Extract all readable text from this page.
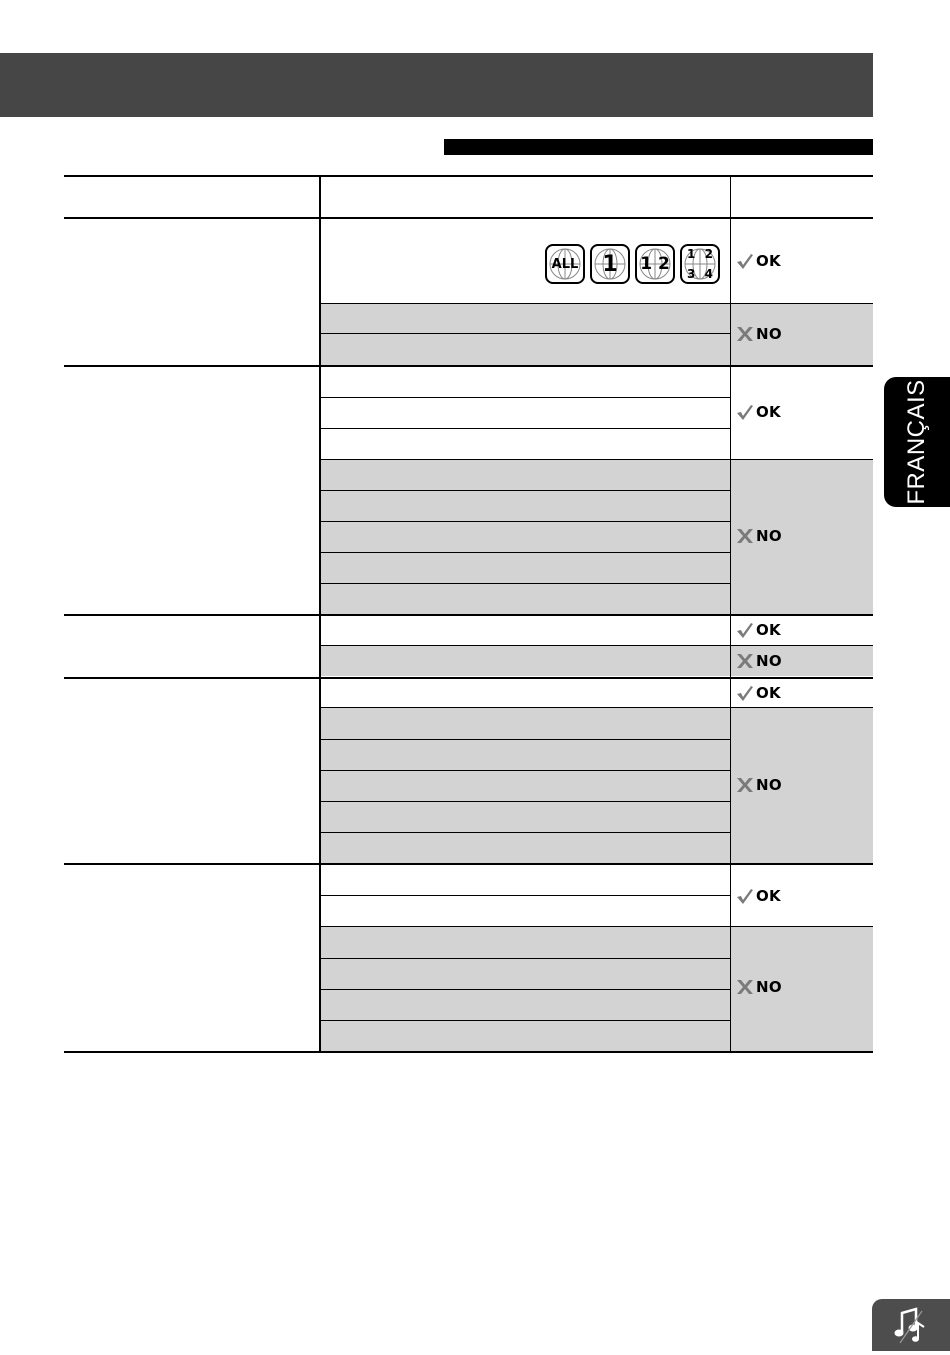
ALL	1	1 2 1 2
3 4
OK
NO
OK
NO
OK
NO
OK
NO
OK
NO
FRANÇAIS
